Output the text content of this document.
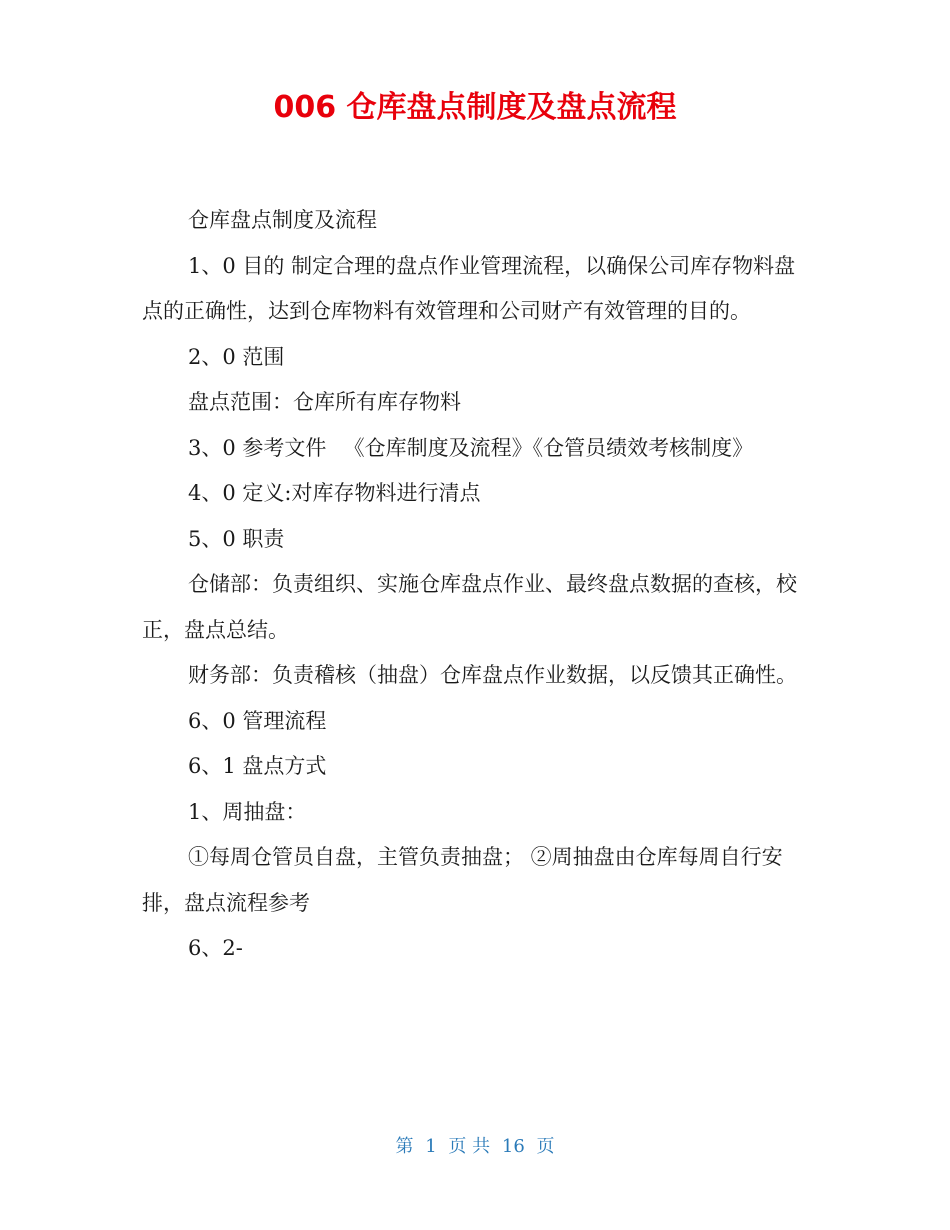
006 仓库盘点制度及盘点流程

仓库盘点制度及流程

1、0 目的 制定合理的盘点作业管理流程，以确保公司库存物料盘点的正确性，达到仓库物料有效管理和公司财产有效管理的目的。

2、0 范围

盘点范围：仓库所有库存物料

3、0 参考文件 　《仓库制度及流程》《仓管员绩效考核制度》

4、0 定义:对库存物料进行清点

5、0 职责

仓储部：负责组织、实施仓库盘点作业、最终盘点数据的查核，校正，盘点总结。

财务部：负责稽核（抽盘）仓库盘点作业数据，以反馈其正确性。

6、0 管理流程

6、1 盘点方式

1、周抽盘：

①每周仓管员自盘，主管负责抽盘； ②周抽盘由仓库每周自行安排，盘点流程参考

6、2-

第 1 页 共 16 页
